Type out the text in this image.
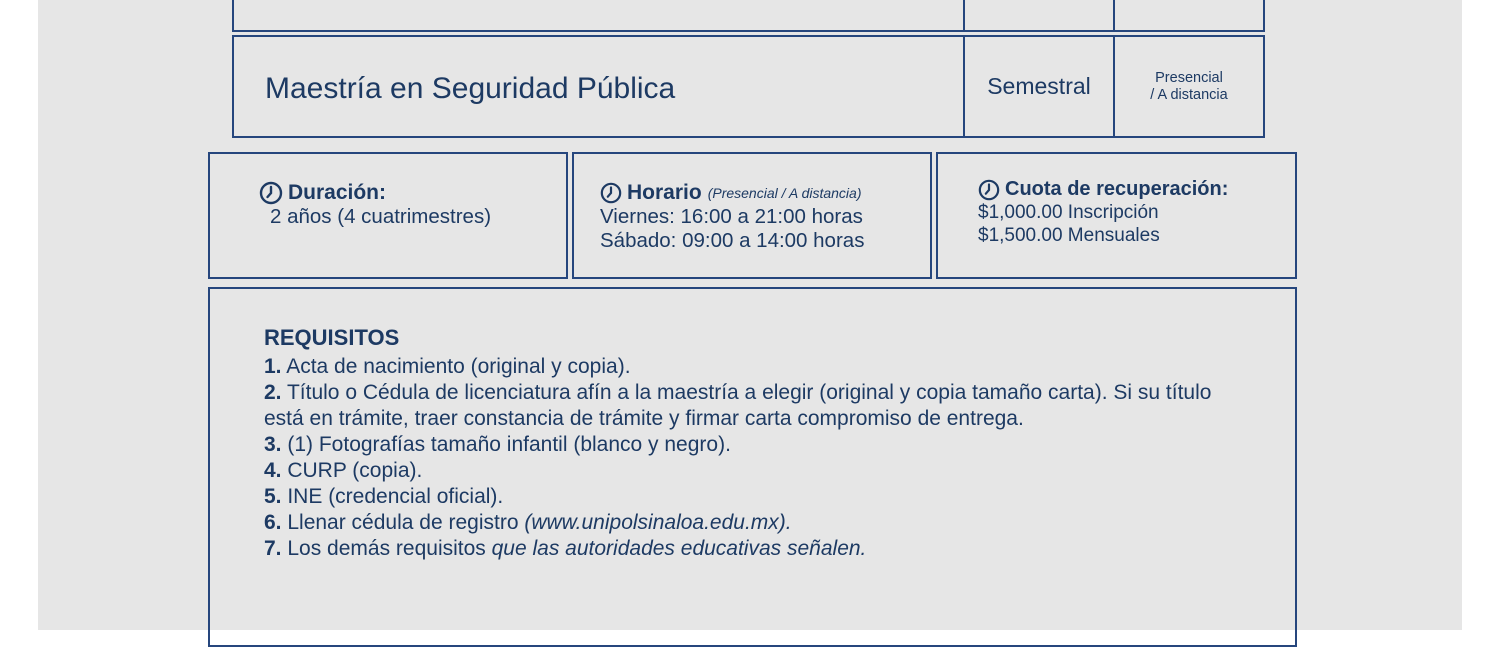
Maestría en Seguridad Pública	Semestral	Presencial
/ A distancia
Duración:
2 años (4 cuatrimestres)
Horario (Presencial / A distancia)
Viernes: 16:00 a 21:00 horas
Sábado: 09:00 a 14:00 horas
Cuota de recuperación:
$1,000.00 Inscripción
$1,500.00 Mensuales
REQUISITOS
1. Acta de nacimiento (original y copia).
2. Título o Cédula de licenciatura afín a la maestría a elegir (original y copia tamaño carta). Si su título está en trámite, traer constancia de trámite y firmar carta compromiso de entrega.
3. (1) Fotografías tamaño infantil (blanco y negro).
4. CURP (copia).
5. INE (credencial oficial).
6. Llenar cédula de registro (www.unipolsinaloa.edu.mx).
7. Los demás requisitos que las autoridades educativas señalen.
